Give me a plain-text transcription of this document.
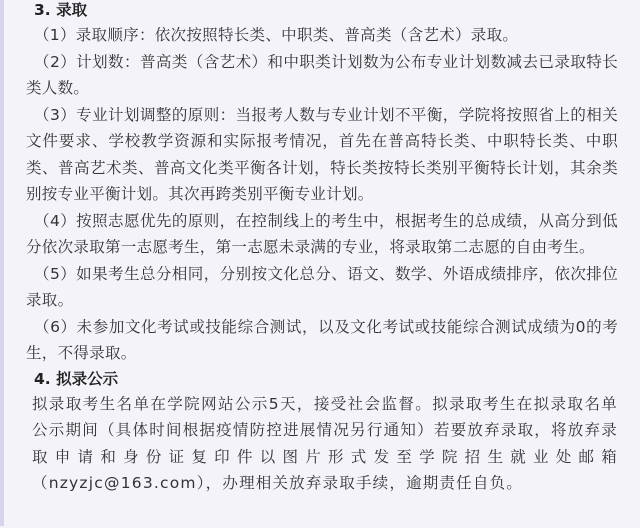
3. 录取

（1）录取顺序：依次按照特长类、中职类、普高类（含艺术）录取。

（2）计划数：普高类（含艺术）和中职类计划数为公布专业计划数减去已录取特长类人数。

（3）专业计划调整的原则：当报考人数与专业计划不平衡，学院将按照省上的相关文件要求、学校教学资源和实际报考情况，首先在普高特长类、中职特长类、中职类、普高艺术类、普高文化类平衡各计划，特长类按特长类别平衡特长计划，其余类别按专业平衡计划。其次再跨类别平衡专业计划。

（4）按照志愿优先的原则，在控制线上的考生中，根据考生的总成绩，从高分到低分依次录取第一志愿考生，第一志愿未录满的专业，将录取第二志愿的自由考生。

（5）如果考生总分相同，分别按文化总分、语文、数学、外语成绩排序，依次排位录取。

（6）未参加文化考试或技能综合测试，以及文化考试或技能综合测试成绩为0的考生，不得录取。

4. 拟录公示

拟录取考生名单在学院网站公示5天，接受社会监督。拟录取考生在拟录取名单公示期间（具体时间根据疫情防控进展情况另行通知）若要放弃录取，将放弃录取申请和身份证复印件以图片形式发至学院招生就业处邮箱（nzyzjc@163.com），办理相关放弃录取手续，逾期责任自负。
